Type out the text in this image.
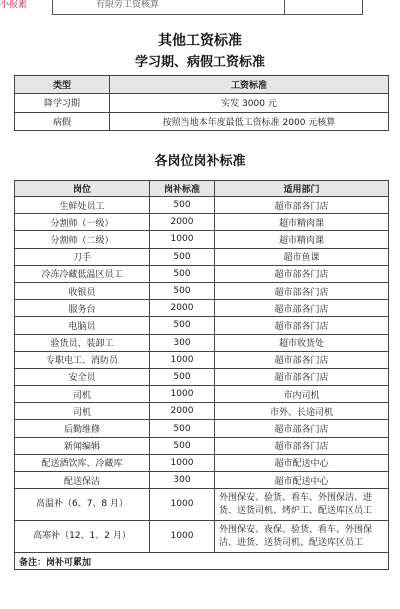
有限劳工资核算
小报素
其他工资标准
学习期、病假工资标准
类型	工资标准
降学习期	实发 3000 元
病假	按照当地本年度最低工资标准 2000 元核算
各岗位岗补标准
岗位	岗补标准	适用部门
生鲜处员工	500	超市部各门店
分割师（一级）	2000	超市精肉课
分割师（二级）	1000	超市精肉课
刀手	500	超市鱼课
冷冻冷藏低温区员工	500	超市部各门店
收银员	500	超市部各门店
服务台	2000	超市部各门店
电脑员	500	超市部各门店
验货员、装卸工	300	超市收货处
专职电工、消防员	1000	超市部各门店
安全员	500	超市部各门店
司机	1000	市内司机
司机	2000	市外、长途司机
后勤维修	500	超市部各门店
新闻编辑	500	超市部各门店
配送酒饮库、冷藏库	1000	超市配送中心
配送保洁	300	超市配送中心
高温补（6、7、8 月）	1000	外围保安、验货、看车、外围保洁、进货、送货司机、烤炉工、配送库区员工
高寒补（12、1、2 月）	1000	外围保安、夜保、验货、看车、外围保洁、进货、送货司机、配送库区员工
备注：岗补可累加		
